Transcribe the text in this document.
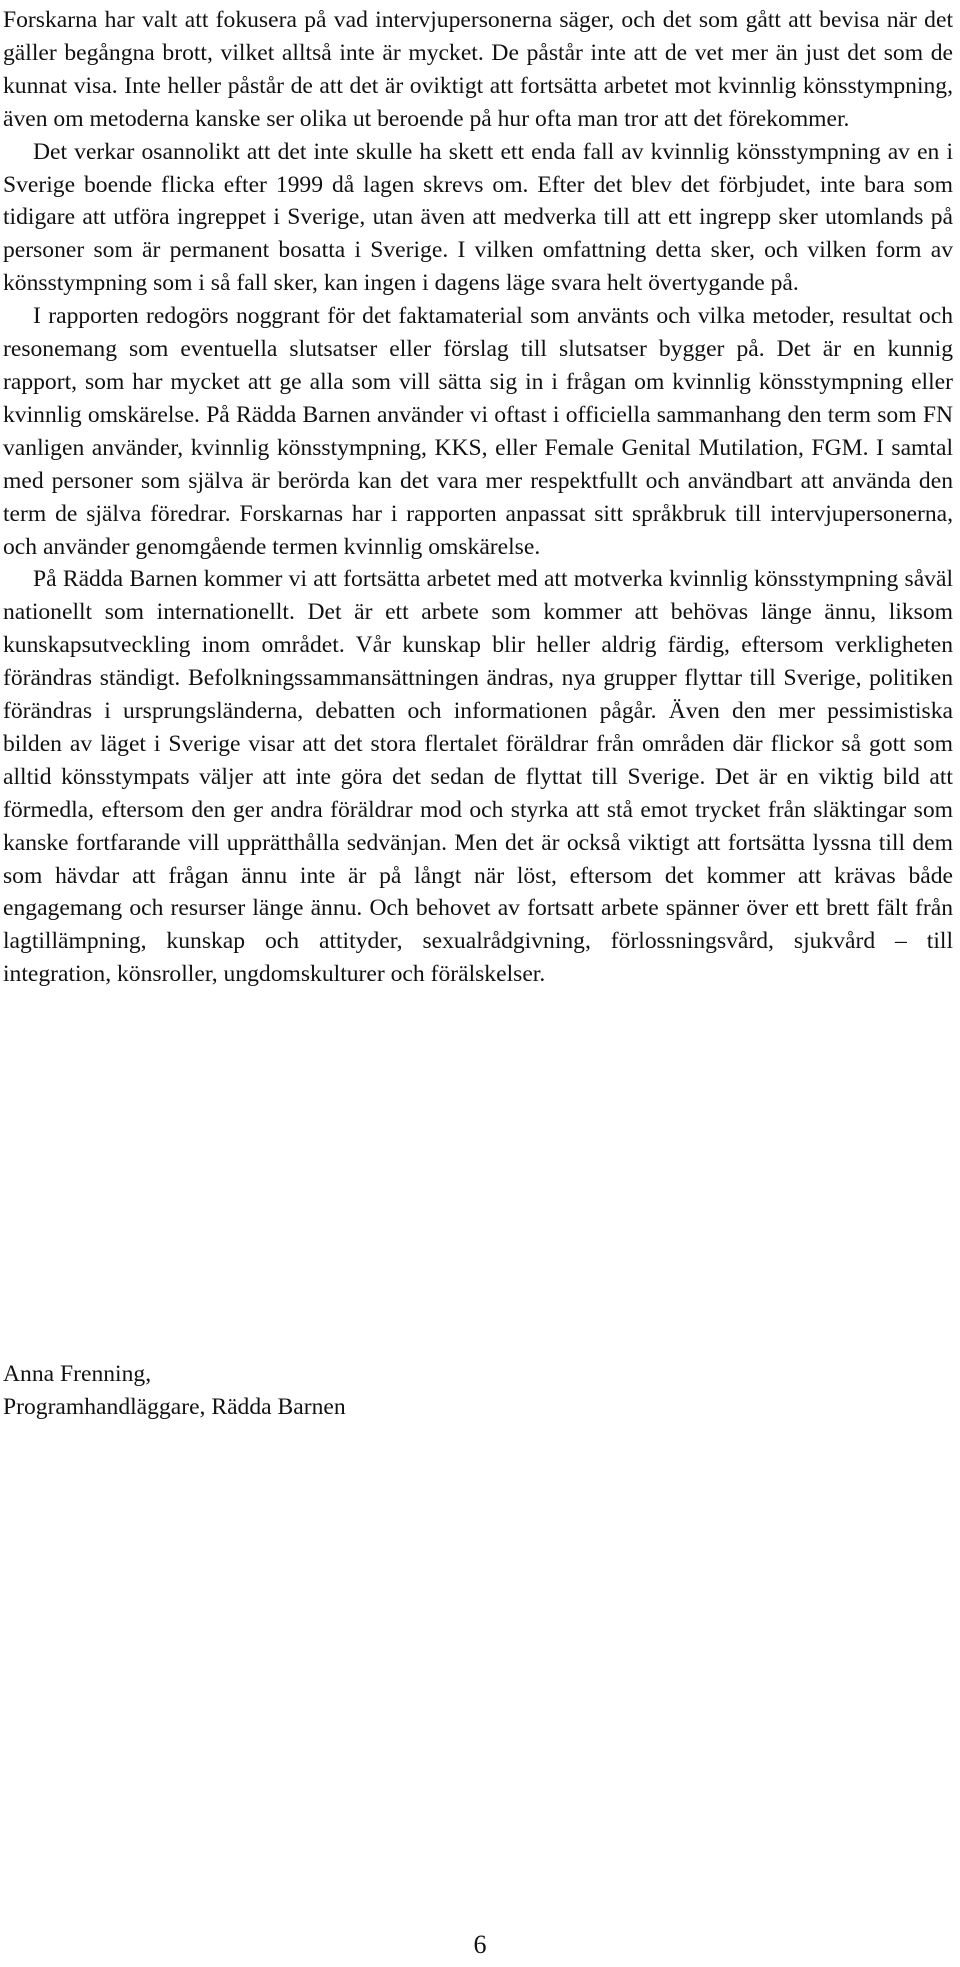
Forskarna har valt att fokusera på vad intervjupersonerna säger, och det som gått att bevisa när det gäller begångna brott, vilket alltså inte är mycket. De påstår inte att de vet mer än just det som de kunnat visa. Inte heller påstår de att det är oviktigt att fortsätta arbetet mot kvinnlig könsstympning, även om metoderna kanske ser olika ut beroende på hur ofta man tror att det förekommer.

Det verkar osannolikt att det inte skulle ha skett ett enda fall av kvinnlig könsstympning av en i Sverige boende flicka efter 1999 då lagen skrevs om. Efter det blev det förbjudet, inte bara som tidigare att utföra ingreppet i Sverige, utan även att medverka till att ett ingrepp sker utomlands på personer som är permanent bosatta i Sverige. I vilken omfattning detta sker, och vilken form av könsstympning som i så fall sker, kan ingen i dagens läge svara helt övertygande på.

I rapporten redogörs noggrant för det faktamaterial som använts och vilka metoder, resultat och resonemang som eventuella slutsatser eller förslag till slutsatser bygger på. Det är en kunnig rapport, som har mycket att ge alla som vill sätta sig in i frågan om kvinnlig könsstympning eller kvinnlig omskärelse. På Rädda Barnen använder vi oftast i officiella sammanhang den term som FN vanligen använder, kvinnlig könsstympning, KKS, eller Female Genital Mutilation, FGM. I samtal med personer som själva är berörda kan det vara mer respektfullt och användbart att använda den term de själva föredrar. Forskarnas har i rapporten anpassat sitt språkbruk till intervjupersonerna, och använder genomgående termen kvinnlig omskärelse.

På Rädda Barnen kommer vi att fortsätta arbetet med att motverka kvinnlig könsstympning såväl nationellt som internationellt. Det är ett arbete som kommer att behövas länge ännu, liksom kunskapsutveckling inom området. Vår kunskap blir heller aldrig färdig, eftersom verkligheten förändras ständigt. Befolkningssammansättningen ändras, nya grupper flyttar till Sverige, politiken förändras i ursprungsländerna, debatten och informationen pågår. Även den mer pessimistiska bilden av läget i Sverige visar att det stora flertalet föräldrar från områden där flickor så gott som alltid könsstympats väljer att inte göra det sedan de flyttat till Sverige. Det är en viktig bild att förmedla, eftersom den ger andra föräldrar mod och styrka att stå emot trycket från släktingar som kanske fortfarande vill upprätthålla sedvänjan. Men det är också viktigt att fortsätta lyssna till dem som hävdar att frågan ännu inte är på långt när löst, eftersom det kommer att krävas både engagemang och resurser länge ännu. Och behovet av fortsatt arbete spänner över ett brett fält från lagtillämpning, kunskap och attityder, sexualrådgivning, förlossningsvård, sjukvård – till integration, könsroller, ungdomskulturer och förälskelser.

Anna Frenning,
Programhandläggare, Rädda Barnen
6
